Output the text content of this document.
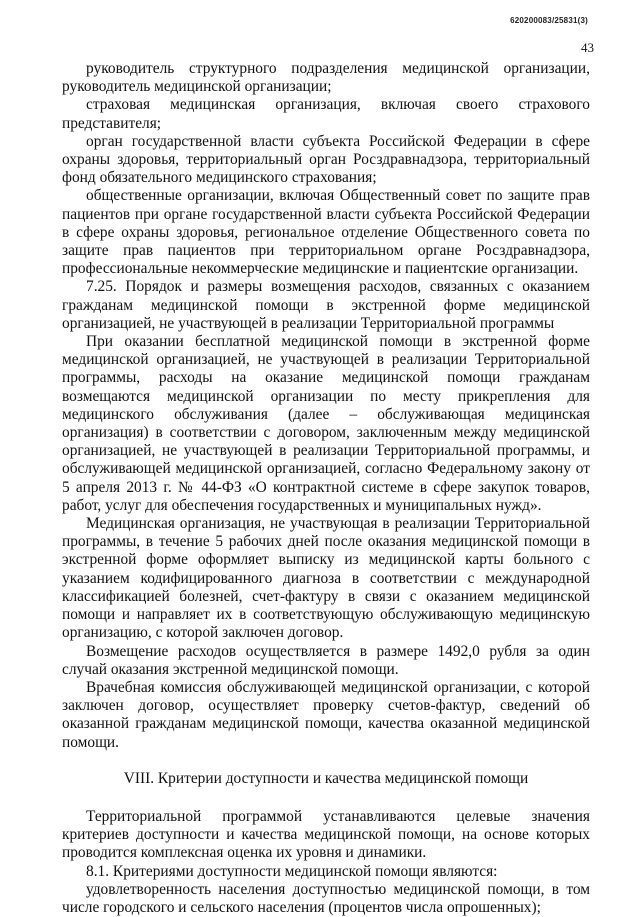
620200083/25831(3)
43

руководитель структурного подразделения медицинской организации, руководитель медицинской организации;

страховая медицинская организация, включая своего страхового представителя;

орган государственной власти субъекта Российской Федерации в сфере охраны здоровья, территориальный орган Росздравнадзора, территориальный фонд обязательного медицинского страхования;

общественные организации, включая Общественный совет по защите прав пациентов при органе государственной власти субъекта Российской Федерации в сфере охраны здоровья, региональное отделение Общественного совета по защите прав пациентов при территориальном органе Росздравнадзора, профессиональные некоммерческие медицинские и пациентские организации.

7.25. Порядок и размеры возмещения расходов, связанных с оказанием гражданам медицинской помощи в экстренной форме медицинской организацией, не участвующей в реализации Территориальной программы

При оказании бесплатной медицинской помощи в экстренной форме медицинской организацией, не участвующей в реализации Территориальной программы, расходы на оказание медицинской помощи гражданам возмещаются медицинской организации по месту прикрепления для медицинского обслуживания (далее – обслуживающая медицинская организация) в соответствии с договором, заключенным между медицинской организацией, не участвующей в реализации Территориальной программы, и обслуживающей медицинской организацией, согласно Федеральному закону от 5 апреля 2013 г. № 44-ФЗ «О контрактной системе в сфере закупок товаров, работ, услуг для обеспечения государственных и муниципальных нужд».

Медицинская организация, не участвующая в реализации Территориальной программы, в течение 5 рабочих дней после оказания медицинской помощи в экстренной форме оформляет выписку из медицинской карты больного с указанием кодифицированного диагноза в соответствии с международной классификацией болезней, счет-фактуру в связи с оказанием медицинской помощи и направляет их в соответствующую обслуживающую медицинскую организацию, с которой заключен договор.

Возмещение расходов осуществляется в размере 1492,0 рубля за один случай оказания экстренной медицинской помощи.

Врачебная комиссия обслуживающей медицинской организации, с которой заключен договор, осуществляет проверку счетов-фактур, сведений об оказанной гражданам медицинской помощи, качества оказанной медицинской помощи.

VIII. Критерии доступности и качества медицинской помощи

Территориальной программой устанавливаются целевые значения критериев доступности и качества медицинской помощи, на основе которых проводится комплексная оценка их уровня и динамики.

8.1. Критериями доступности медицинской помощи являются:

удовлетворенность населения доступностью медицинской помощи, в том числе городского и сельского населения (процентов числа опрошенных);
